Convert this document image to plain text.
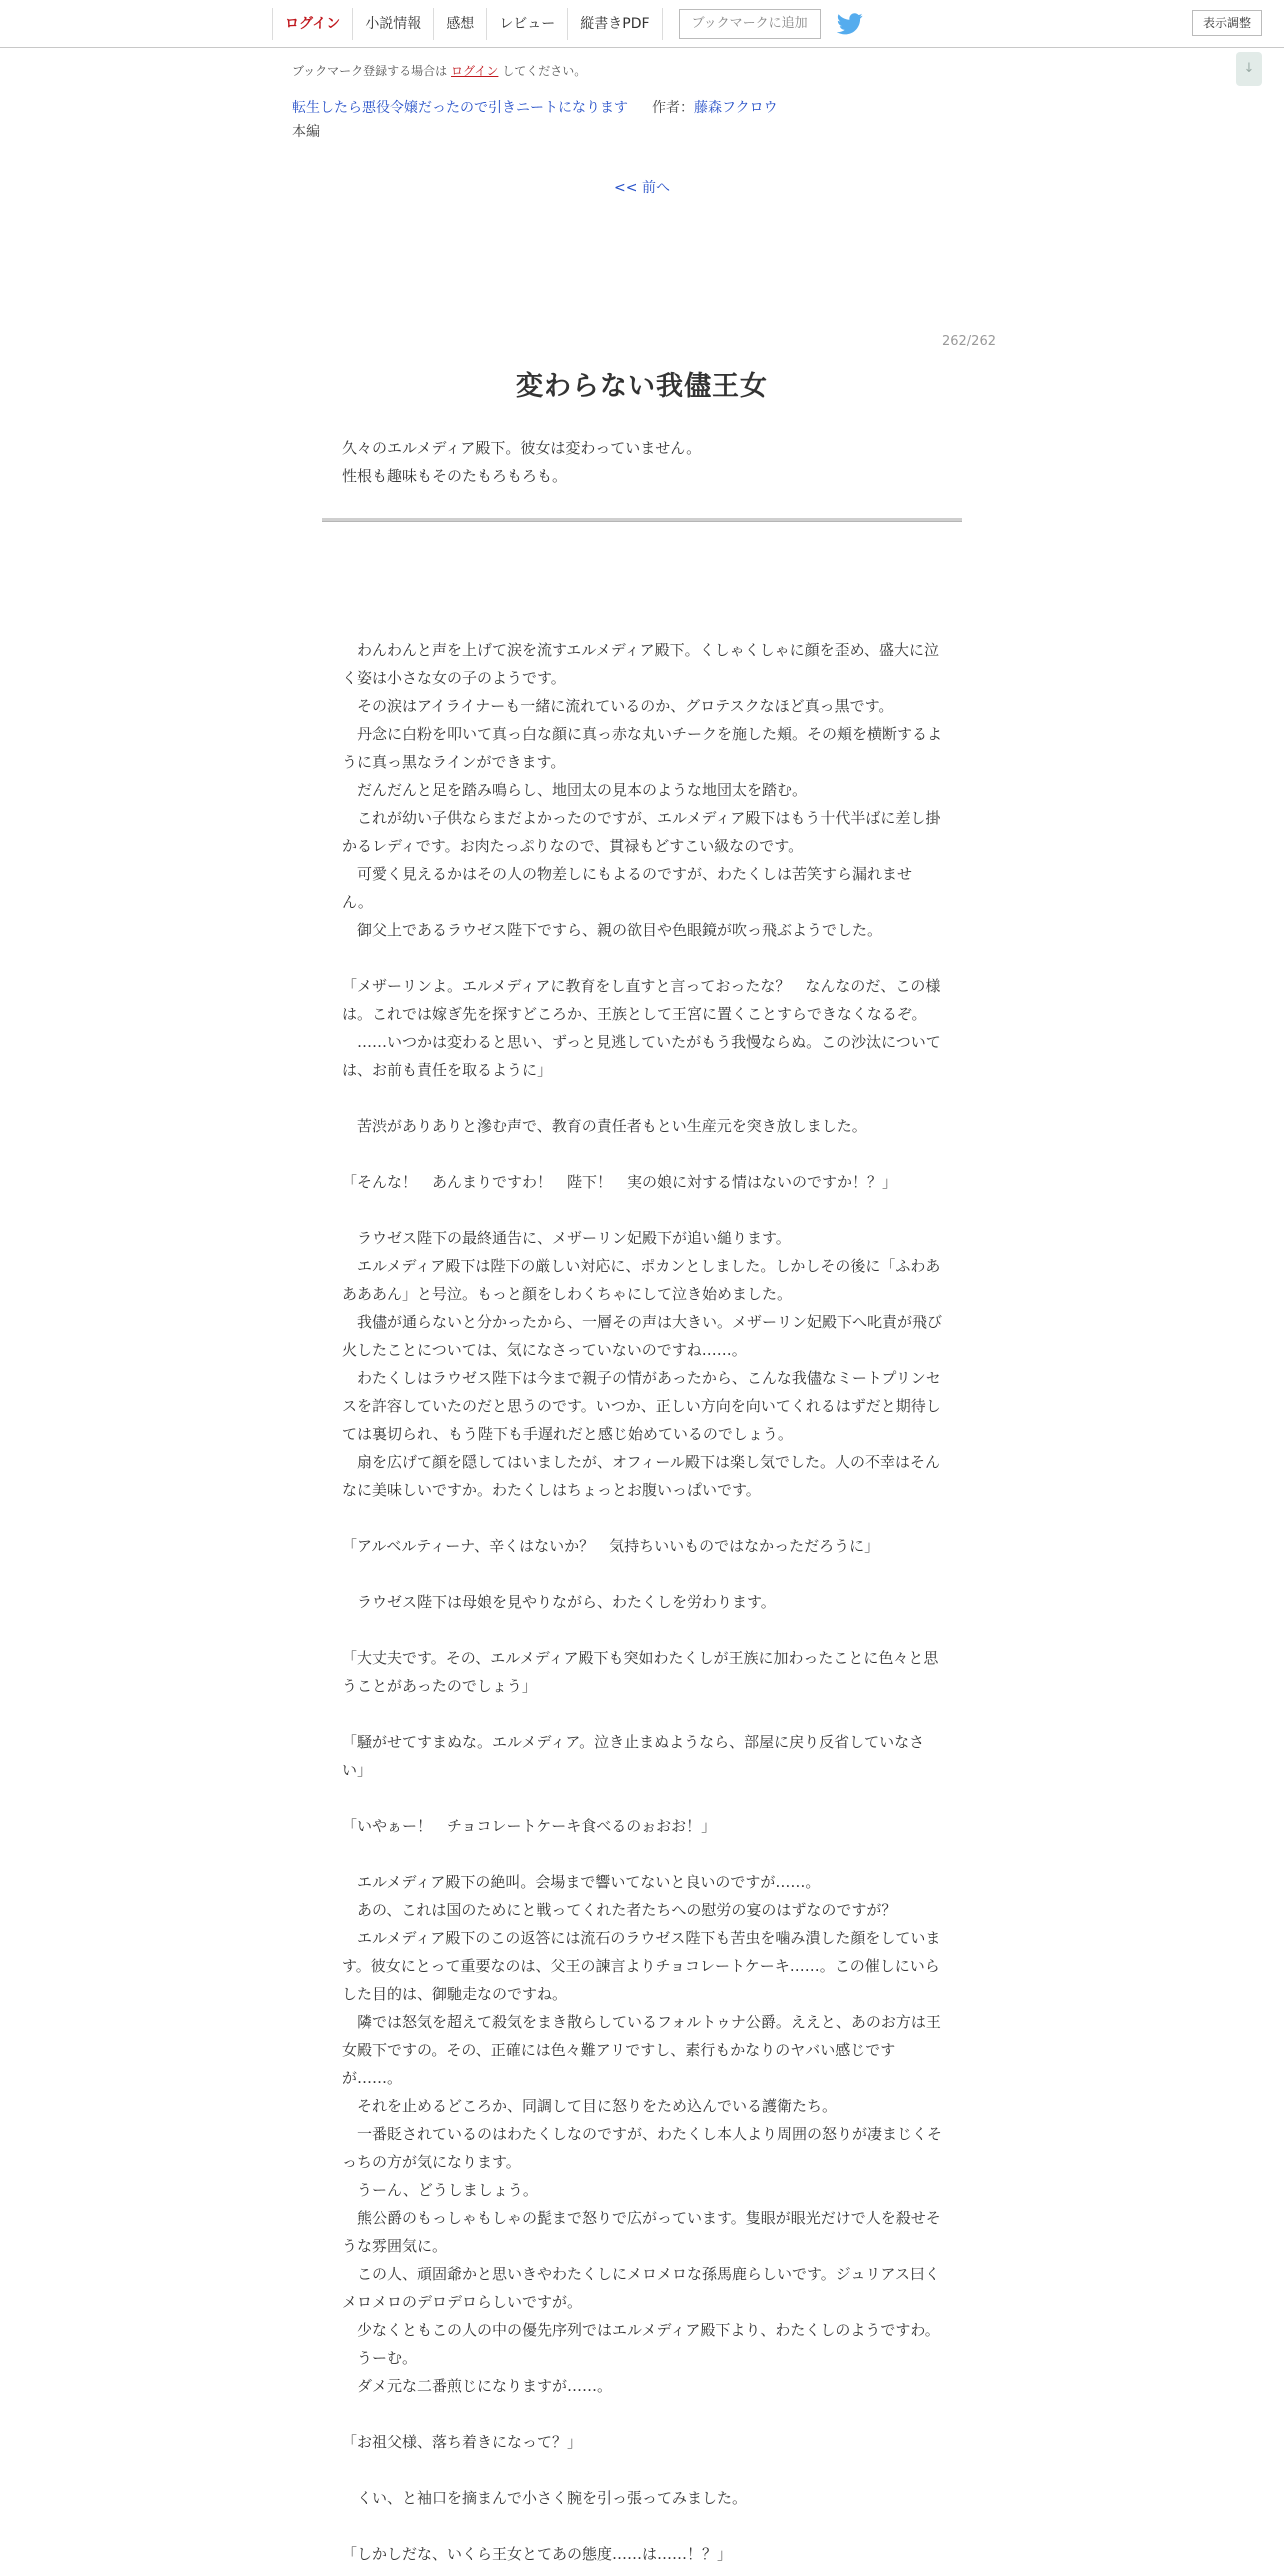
ログイン	小説情報	感想	レビュー	縦書きPDF	ブックマークに追加	表示調整
↓
ブックマーク登録する場合は ログイン してください。
転生したら悪役令嬢だったので引きニートになります 作者：藤森フクロウ
本編
<< 前へ
262/262
変わらない我儘王女

久々のエルメディア殿下。彼女は変わっていません。

性根も趣味もそのたもろもろも。

　わんわんと声を上げて涙を流すエルメディア殿下。くしゃくしゃに顔を歪め、盛大に泣く姿は小さな女の子のようです。

　その涙はアイライナーも一緒に流れているのか、グロテスクなほど真っ黒です。

　丹念に白粉を叩いて真っ白な顔に真っ赤な丸いチークを施した頬。その頬を横断するように真っ黒なラインができます。

　だんだんと足を踏み鳴らし、地団太の見本のような地団太を踏む。

　これが幼い子供ならまだよかったのですが、エルメディア殿下はもう十代半ばに差し掛かるレディです。お肉たっぷりなので、貫禄もどすこい級なのです。

　可愛く見えるかはその人の物差しにもよるのですが、わたくしは苦笑すら漏れません。

　御父上であるラウゼス陛下ですら、親の欲目や色眼鏡が吹っ飛ぶようでした。

「メザーリンよ。エルメディアに教育をし直すと言っておったな？　なんなのだ、この様は。これでは嫁ぎ先を探すどころか、王族として王宮に置くことすらできなくなるぞ。

　……いつかは変わると思い、ずっと見逃していたがもう我慢ならぬ。この沙汰については、お前も責任を取るように」

　苦渋がありありと滲む声で、教育の責任者もとい生産元を突き放しました。

「そんな！　あんまりですわ！　陛下！　実の娘に対する情はないのですか！？」

　ラウゼス陛下の最終通告に、メザーリン妃殿下が追い縋ります。

　エルメディア殿下は陛下の厳しい対応に、ポカンとしました。しかしその後に「ふわああああん」と号泣。もっと顔をしわくちゃにして泣き始めました。

　我儘が通らないと分かったから、一層その声は大きい。メザーリン妃殿下へ叱責が飛び火したことについては、気になさっていないのですね……。

　わたくしはラウゼス陛下は今まで親子の情があったから、こんな我儘なミートプリンセスを許容していたのだと思うのです。いつか、正しい方向を向いてくれるはずだと期待しては裏切られ、もう陛下も手遅れだと感じ始めているのでしょう。

　扇を広げて顔を隠してはいましたが、オフィール殿下は楽し気でした。人の不幸はそんなに美味しいですか。わたくしはちょっとお腹いっぱいです。

「アルベルティーナ、辛くはないか？　気持ちいいものではなかっただろうに」

　ラウゼス陛下は母娘を見やりながら、わたくしを労わります。

「大丈夫です。その、エルメディア殿下も突如わたくしが王族に加わったことに色々と思うことがあったのでしょう」

「騒がせてすまぬな。エルメディア。泣き止まぬようなら、部屋に戻り反省していなさい」

「いやぁー！　チョコレートケーキ食べるのぉおお！」

　エルメディア殿下の絶叫。会場まで響いてないと良いのですが……。

　あの、これは国のためにと戦ってくれた者たちへの慰労の宴のはずなのですが？

　エルメディア殿下のこの返答には流石のラウゼス陛下も苦虫を噛み潰した顔をしています。彼女にとって重要なのは、父王の諫言よりチョコレートケーキ……。この催しにいらした目的は、御馳走なのですね。

　隣では怒気を超えて殺気をまき散らしているフォルトゥナ公爵。ええと、あのお方は王女殿下ですの。その、正確には色々難アリですし、素行もかなりのヤバい感じですが……。

　それを止めるどころか、同調して目に怒りをため込んでいる護衛たち。

　一番貶されているのはわたくしなのですが、わたくし本人より周囲の怒りが凄まじくそっちの方が気になります。

　うーん、どうしましょう。

　熊公爵のもっしゃもしゃの髭まで怒りで広がっています。隻眼が眼光だけで人を殺せそうな雰囲気に。

　この人、頑固爺かと思いきやわたくしにメロメロな孫馬鹿らしいです。ジュリアス曰くメロメロのデロデロらしいですが。

　少なくともこの人の中の優先序列ではエルメディア殿下より、わたくしのようですわ。

　うーむ。

　ダメ元な二番煎じになりますが……。

「お祖父様、落ち着きになって？」

　くい、と袖口を摘まんで小さく腕を引っ張ってみました。

「しかしだな、いくら王女とてあの態度……は……！？」
